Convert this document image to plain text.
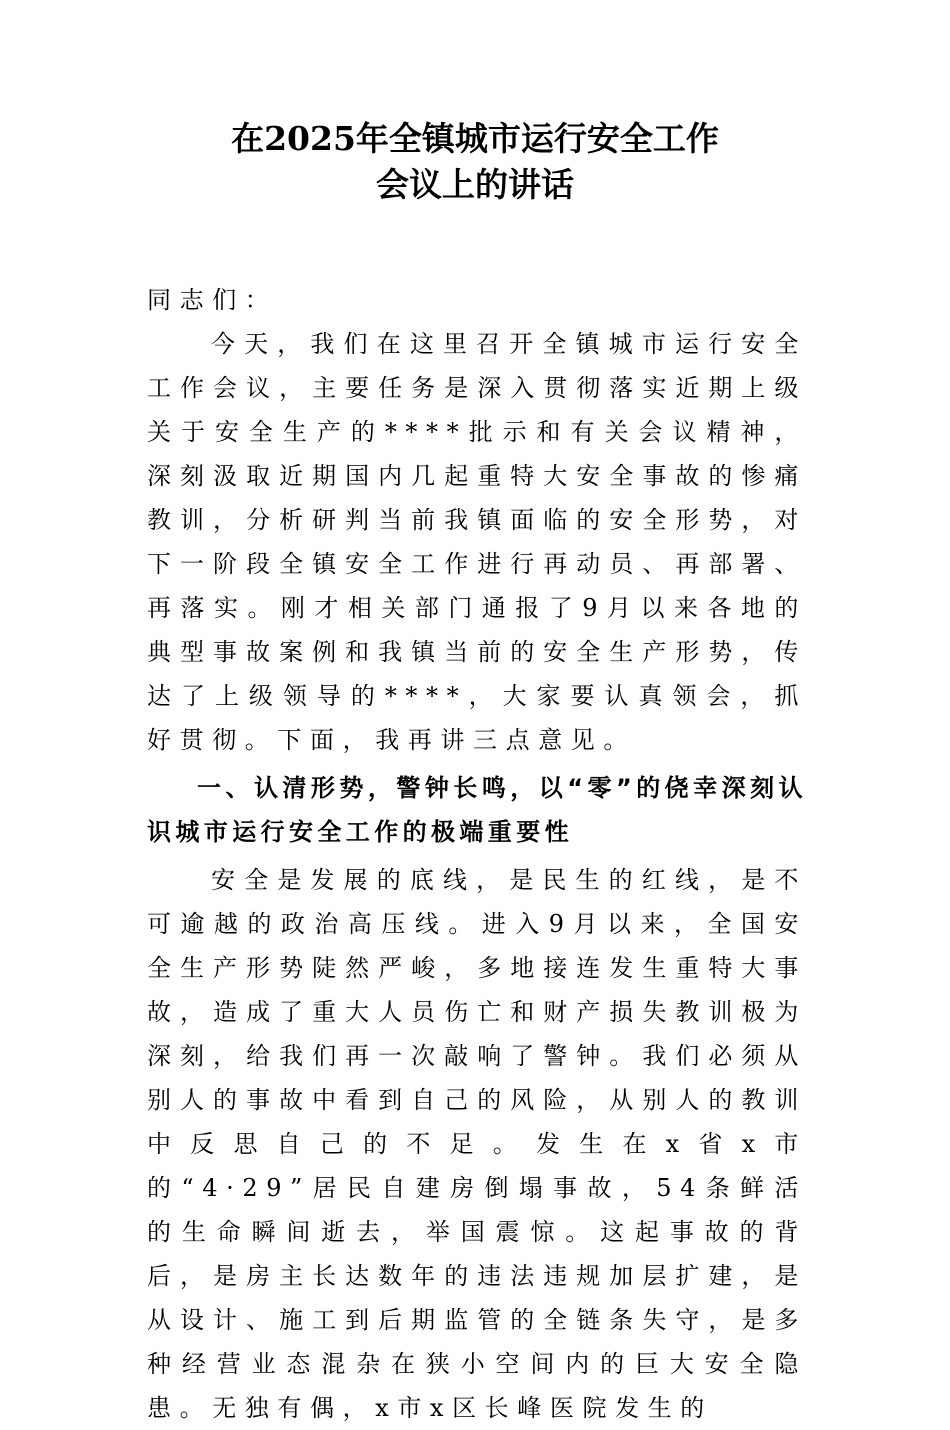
在2025年全镇城市运行安全工作
会议上的讲话

同志们：

今天，我们在这里召开全镇城市运行安全工作会议，主要任务是深入贯彻落实近期上级关于安全生产的****批示和有关会议精神，深刻汲取近期国内几起重特大安全事故的惨痛教训，分析研判当前我镇面临的安全形势，对下一阶段全镇安全工作进行再动员、再部署、再落实。刚才相关部门通报了9月以来各地的典型事故案例和我镇当前的安全生产形势，传达了上级领导的****，大家要认真领会，抓好贯彻。下面，我再讲三点意见。

一、认清形势，警钟长鸣，以“零”的侥幸深刻认识城市运行安全工作的极端重要性

安全是发展的底线，是民生的红线，是不可逾越的政治高压线。进入9月以来，全国安全生产形势陡然严峻，多地接连发生重特大事故，造成了重大人员伤亡和财产损失教训极为深刻，给我们再一次敲响了警钟。我们必须从别人的事故中看到自己的风险，从别人的教训中反思自己的不足。发生在x省x市的“4·29”居民自建房倒塌事故，54条鲜活的生命瞬间逝去，举国震惊。这起事故的背后，是房主长达数年的违法违规加层扩建，是从设计、施工到后期监管的全链条失守，是多种经营业态混杂在狭小空间内的巨大安全隐患。无独有偶，x市x区长峰医院发生的
